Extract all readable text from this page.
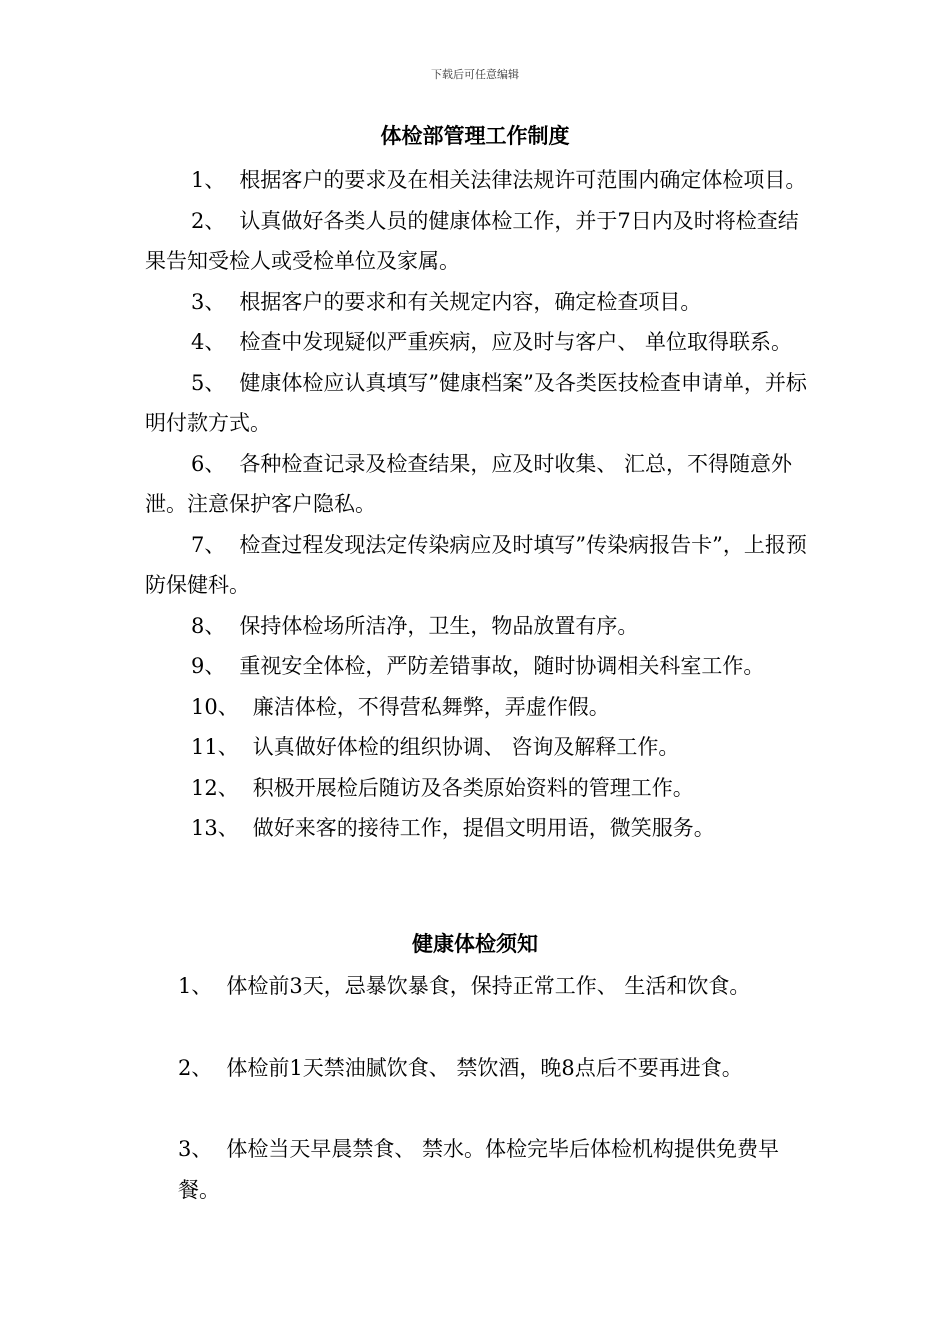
下载后可任意编辑
体检部管理工作制度
1、 根据客户的要求及在相关法律法规许可范围内确定体检项目。
2、 认真做好各类人员的健康体检工作，并于7日内及时将检查结果告知受检人或受检单位及家属。
3、 根据客户的要求和有关规定内容，确定检查项目。
4、 检查中发现疑似严重疾病，应及时与客户、 单位取得联系。
5、 健康体检应认真填写”健康档案”及各类医技检查申请单，并标明付款方式。
6、 各种检查记录及检查结果，应及时收集、 汇总，不得随意外泄。注意保护客户隐私。
7、 检查过程发现法定传染病应及时填写”传染病报告卡”，上报预防保健科。
8、 保持体检场所洁净，卫生，物品放置有序。
9、 重视安全体检，严防差错事故，随时协调相关科室工作。
10、 廉洁体检，不得营私舞弊，弄虚作假。
11、 认真做好体检的组织协调、 咨询及解释工作。
12、 积极开展检后随访及各类原始资料的管理工作。
13、 做好来客的接待工作，提倡文明用语，微笑服务。
健康体检须知
1、 体检前3天，忌暴饮暴食，保持正常工作、 生活和饮食。
2、 体检前1天禁油腻饮食、 禁饮酒，晚8点后不要再进食。
3、 体检当天早晨禁食、 禁水。体检完毕后体检机构提供免费早餐。
